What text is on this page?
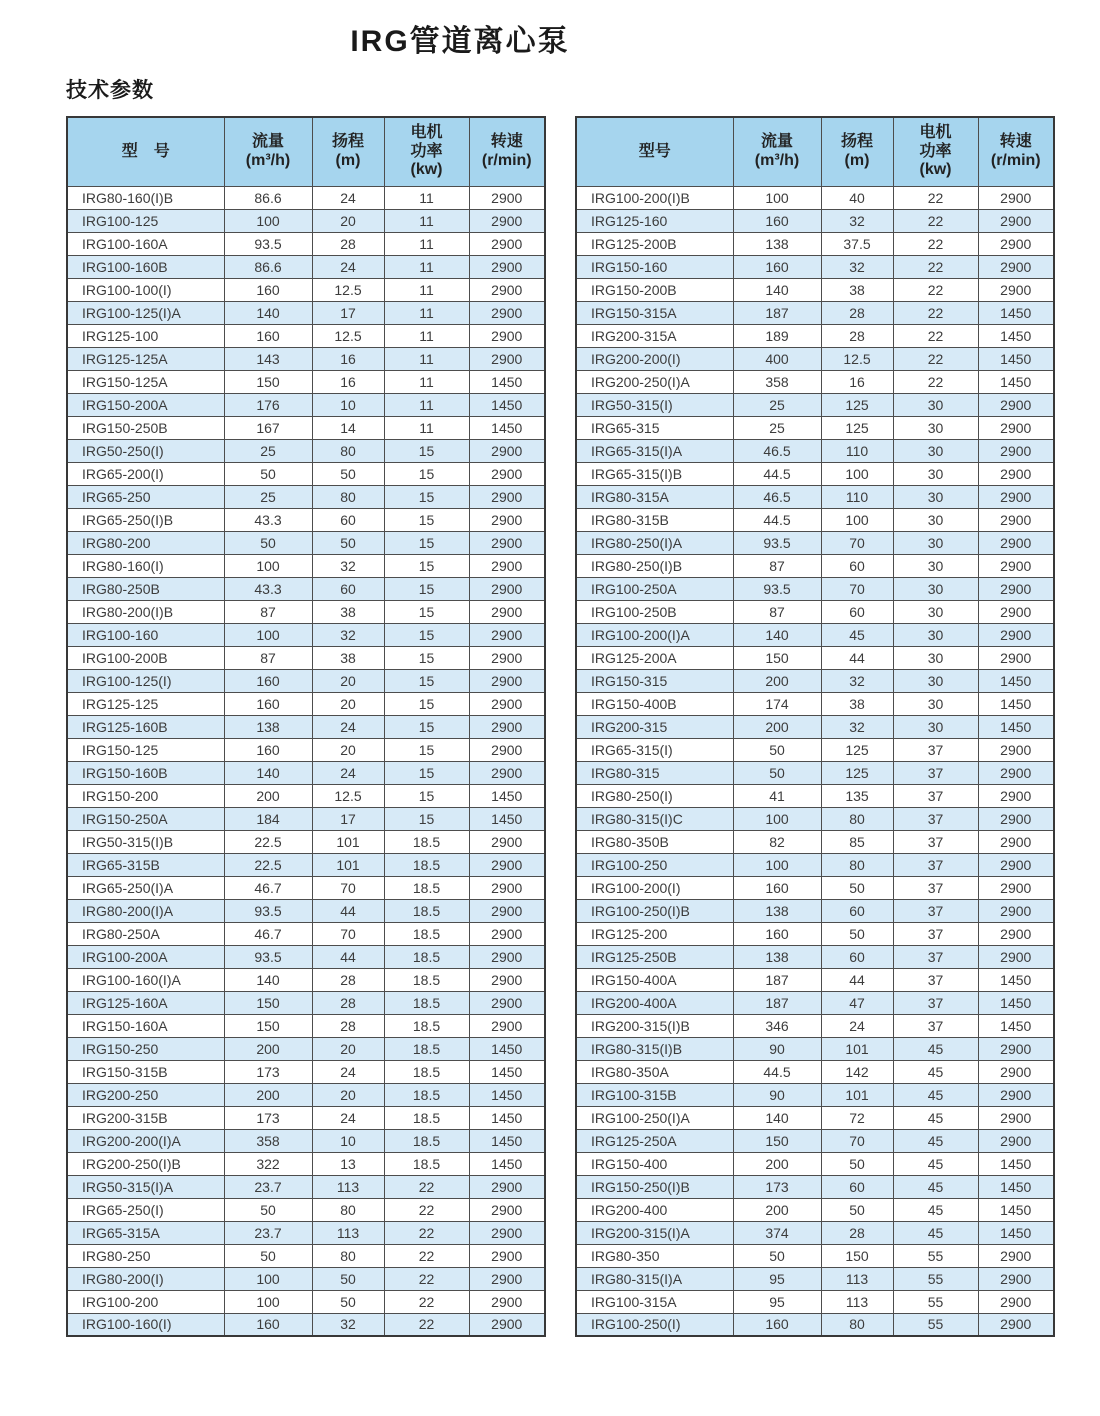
IRG管道离心泵
技术参数
型　号

流量
(m³/h)

扬程
(m)

电机
功率
(kw)

转速
(r/min)

IRG80-160(I)B	86.6	24	11	2900
IRG100-125	100	20	11	2900
IRG100-160A	93.5	28	11	2900
IRG100-160B	86.6	24	11	2900
IRG100-100(I)	160	12.5	11	2900
IRG100-125(I)A	140	17	11	2900
IRG125-100	160	12.5	11	2900
IRG125-125A	143	16	11	2900
IRG150-125A	150	16	11	1450
IRG150-200A	176	10	11	1450
IRG150-250B	167	14	11	1450
IRG50-250(I)	25	80	15	2900
IRG65-200(I)	50	50	15	2900
IRG65-250	25	80	15	2900
IRG65-250(I)B	43.3	60	15	2900
IRG80-200	50	50	15	2900
IRG80-160(I)	100	32	15	2900
IRG80-250B	43.3	60	15	2900
IRG80-200(I)B	87	38	15	2900
IRG100-160	100	32	15	2900
IRG100-200B	87	38	15	2900
IRG100-125(I)	160	20	15	2900
IRG125-125	160	20	15	2900
IRG125-160B	138	24	15	2900
IRG150-125	160	20	15	2900
IRG150-160B	140	24	15	2900
IRG150-200	200	12.5	15	1450
IRG150-250A	184	17	15	1450
IRG50-315(I)B	22.5	101	18.5	2900
IRG65-315B	22.5	101	18.5	2900
IRG65-250(I)A	46.7	70	18.5	2900
IRG80-200(I)A	93.5	44	18.5	2900
IRG80-250A	46.7	70	18.5	2900
IRG100-200A	93.5	44	18.5	2900
IRG100-160(I)A	140	28	18.5	2900
IRG125-160A	150	28	18.5	2900
IRG150-160A	150	28	18.5	2900
IRG150-250	200	20	18.5	1450
IRG150-315B	173	24	18.5	1450
IRG200-250	200	20	18.5	1450
IRG200-315B	173	24	18.5	1450
IRG200-200(I)A	358	10	18.5	1450
IRG200-250(I)B	322	13	18.5	1450
IRG50-315(I)A	23.7	113	22	2900
IRG65-250(I)	50	80	22	2900
IRG65-315A	23.7	113	22	2900
IRG80-250	50	80	22	2900
IRG80-200(I)	100	50	22	2900
IRG100-200	100	50	22	2900
IRG100-160(I)	160	32	22	2900
型号

流量
(m³/h)

扬程
(m)

电机
功率
(kw)

转速
(r/min)

IRG100-200(I)B	100	40	22	2900
IRG125-160	160	32	22	2900
IRG125-200B	138	37.5	22	2900
IRG150-160	160	32	22	2900
IRG150-200B	140	38	22	2900
IRG150-315A	187	28	22	1450
IRG200-315A	189	28	22	1450
IRG200-200(I)	400	12.5	22	1450
IRG200-250(I)A	358	16	22	1450
IRG50-315(I)	25	125	30	2900
IRG65-315	25	125	30	2900
IRG65-315(I)A	46.5	110	30	2900
IRG65-315(I)B	44.5	100	30	2900
IRG80-315A	46.5	110	30	2900
IRG80-315B	44.5	100	30	2900
IRG80-250(I)A	93.5	70	30	2900
IRG80-250(I)B	87	60	30	2900
IRG100-250A	93.5	70	30	2900
IRG100-250B	87	60	30	2900
IRG100-200(I)A	140	45	30	2900
IRG125-200A	150	44	30	2900
IRG150-315	200	32	30	1450
IRG150-400B	174	38	30	1450
IRG200-315	200	32	30	1450
IRG65-315(I)	50	125	37	2900
IRG80-315	50	125	37	2900
IRG80-250(I)	41	135	37	2900
IRG80-315(I)C	100	80	37	2900
IRG80-350B	82	85	37	2900
IRG100-250	100	80	37	2900
IRG100-200(I)	160	50	37	2900
IRG100-250(I)B	138	60	37	2900
IRG125-200	160	50	37	2900
IRG125-250B	138	60	37	2900
IRG150-400A	187	44	37	1450
IRG200-400A	187	47	37	1450
IRG200-315(I)B	346	24	37	1450
IRG80-315(I)B	90	101	45	2900
IRG80-350A	44.5	142	45	2900
IRG100-315B	90	101	45	2900
IRG100-250(I)A	140	72	45	2900
IRG125-250A	150	70	45	2900
IRG150-400	200	50	45	1450
IRG150-250(I)B	173	60	45	1450
IRG200-400	200	50	45	1450
IRG200-315(I)A	374	28	45	1450
IRG80-350	50	150	55	2900
IRG80-315(I)A	95	113	55	2900
IRG100-315A	95	113	55	2900
IRG100-250(I)	160	80	55	2900
